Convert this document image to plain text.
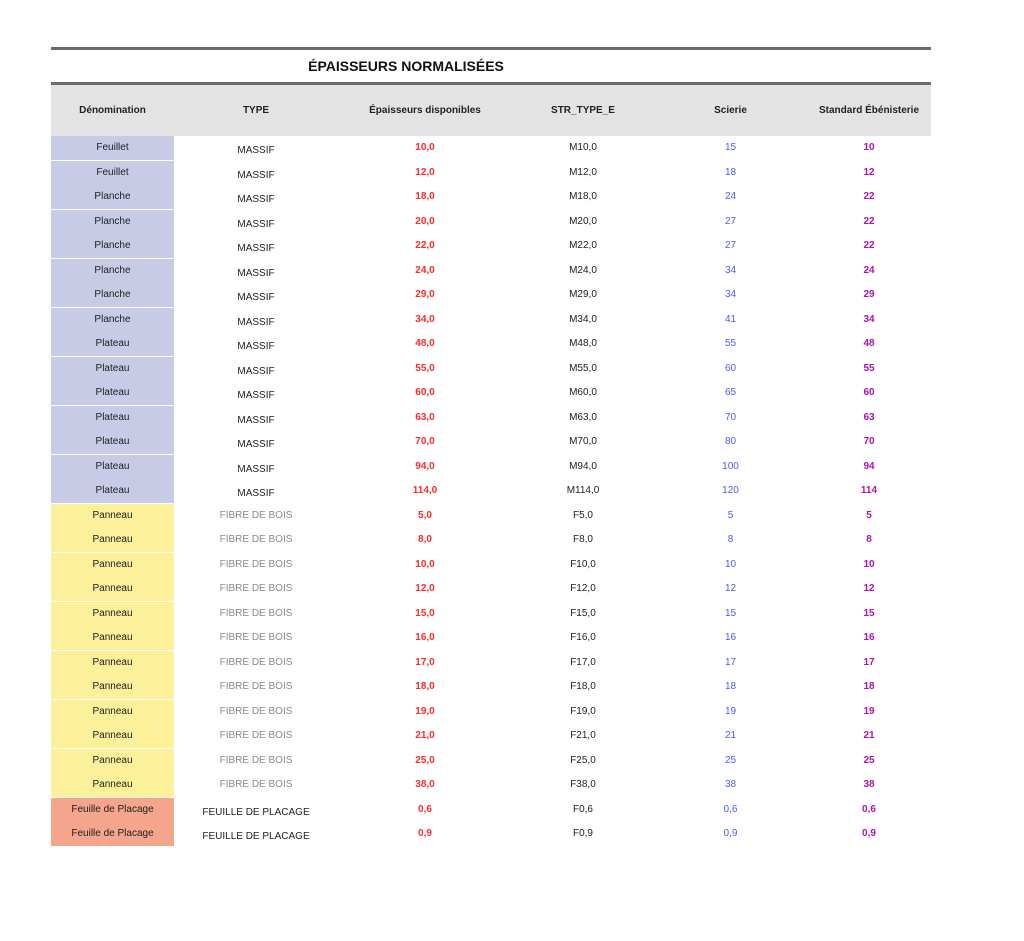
ÉPAISSEURS NORMALISÉES
Dénomination	TYPE	Épaisseurs disponibles	STR_TYPE_E	Scierie	Standard Ébénisterie
Feuillet	MASSIF	10,0	M10,0	15	10
Feuillet	MASSIF	12,0	M12,0	18	12
Planche	MASSIF	18,0	M18,0	24	22
Planche	MASSIF	20,0	M20,0	27	22
Planche	MASSIF	22,0	M22,0	27	22
Planche	MASSIF	24,0	M24,0	34	24
Planche	MASSIF	29,0	M29,0	34	29
Planche	MASSIF	34,0	M34,0	41	34
Plateau	MASSIF	48,0	M48,0	55	48
Plateau	MASSIF	55,0	M55,0	60	55
Plateau	MASSIF	60,0	M60,0	65	60
Plateau	MASSIF	63,0	M63,0	70	63
Plateau	MASSIF	70,0	M70,0	80	70
Plateau	MASSIF	94,0	M94,0	100	94
Plateau	MASSIF	114,0	M114,0	120	114
Panneau	FIBRE DE BOIS	5,0	F5,0	5	5
Panneau	FIBRE DE BOIS	8,0	F8,0	8	8
Panneau	FIBRE DE BOIS	10,0	F10,0	10	10
Panneau	FIBRE DE BOIS	12,0	F12,0	12	12
Panneau	FIBRE DE BOIS	15,0	F15,0	15	15
Panneau	FIBRE DE BOIS	16,0	F16,0	16	16
Panneau	FIBRE DE BOIS	17,0	F17,0	17	17
Panneau	FIBRE DE BOIS	18,0	F18,0	18	18
Panneau	FIBRE DE BOIS	19,0	F19,0	19	19
Panneau	FIBRE DE BOIS	21,0	F21,0	21	21
Panneau	FIBRE DE BOIS	25,0	F25,0	25	25
Panneau	FIBRE DE BOIS	38,0	F38,0	38	38
Feuille de Placage	FEUILLE DE PLACAGE	0,6	F0,6	0,6	0,6
Feuille de Placage	FEUILLE DE PLACAGE	0,9	F0,9	0,9	0,9
